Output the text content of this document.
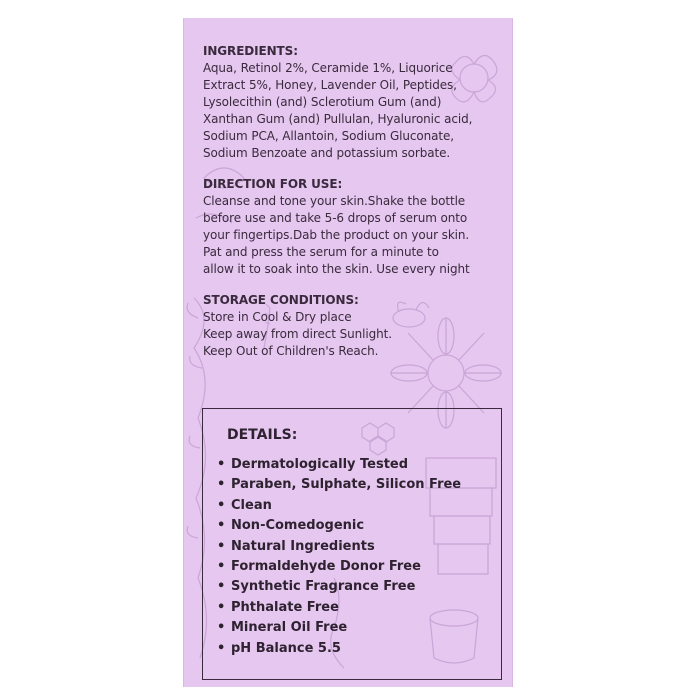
INGREDIENTS:

Aqua, Retinol 2%, Ceramide 1%, Liquorice

Extract 5%, Honey, Lavender Oil, Peptides,

Lysolecithin (and) Sclerotium Gum (and)

Xanthan Gum (and) Pullulan, Hyaluronic acid,

Sodium PCA, Allantoin, Sodium Gluconate,

Sodium Benzoate and potassium sorbate.

DIRECTION FOR USE:

Cleanse and tone your skin.Shake the bottle

before use and take 5-6 drops of serum onto

your fingertips.Dab the product on your skin.

Pat and press the serum for a minute to

allow it to soak into the skin. Use every night

STORAGE CONDITIONS:

Store in Cool & Dry place

Keep away from direct Sunlight.

Keep Out of Children's Reach.

DETAILS:

• Dermatologically Tested
• Paraben, Sulphate, Silicon Free
• Clean
• Non-Comedogenic
• Natural Ingredients
• Formaldehyde Donor Free
• Synthetic Fragrance Free
• Phthalate Free
• Mineral Oil Free
• pH Balance 5.5
